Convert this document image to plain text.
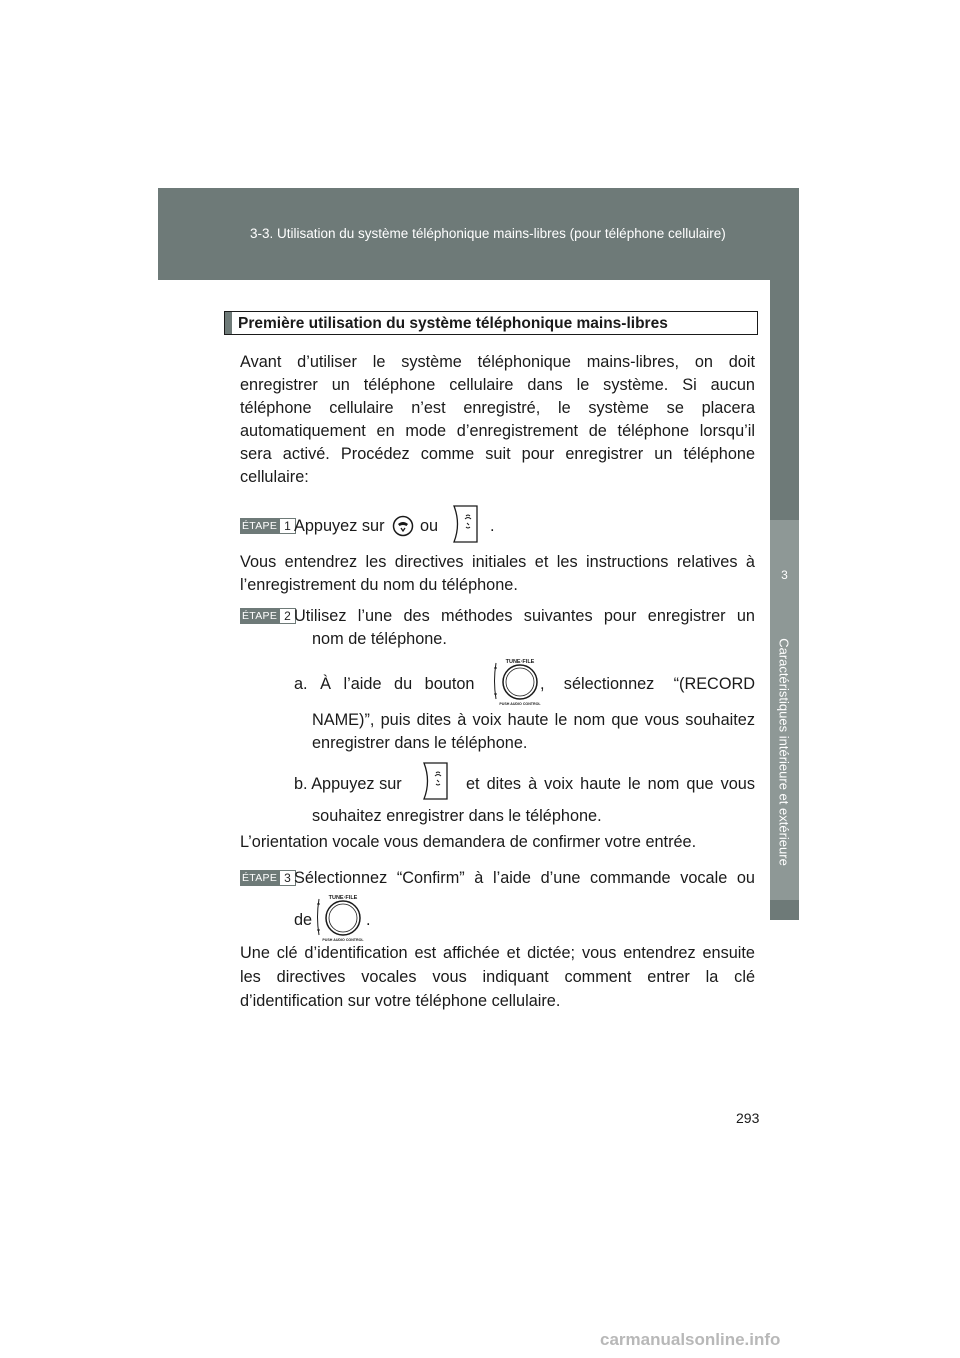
3-3. Utilisation du système téléphonique mains-libres (pour téléphone cellulaire)
3
Caractéristiques intérieure et extérieure
Première utilisation du système téléphonique mains-libres
Avant d’utiliser le système téléphonique mains-libres, on doit
enregistrer un téléphone cellulaire dans le système. Si aucun
téléphone cellulaire n’est enregistré, le système se placera
automatiquement en mode d’enregistrement de téléphone lorsqu’il
sera activé. Procédez comme suit pour enregistrer un téléphone
cellulaire:
ÉTAPE 1 Appuyez sur ou	.
Vous entendrez les directives initiales et les instructions relatives à
l’enregistrement du nom du téléphone.
ÉTAPE 2 Utilisez l’une des méthodes suivantes pour enregistrer un
nom de téléphone.
a. À l’aide du bouton
TUNE·FILE
PUSH AUDIO CONTROL
, sélectionnez “(RECORD
NAME)”, puis dites à voix haute le nom que vous souhaitez
enregistrer dans le téléphone.
b. Appuyez sur	et dites à voix haute le nom que vous
souhaitez enregistrer dans le téléphone.
L’orientation vocale vous demandera de confirmer votre entrée.
ÉTAPE 3 Sélectionnez “Confirm” à l’aide d’une commande vocale ou
de
TUNE·FILE
PUSH AUDIO CONTROL
.
Une clé d’identification est affichée et dictée; vous entendrez ensuite
les directives vocales vous indiquant comment entrer la clé
d’identification sur votre téléphone cellulaire.
293
carmanualsonline.info
